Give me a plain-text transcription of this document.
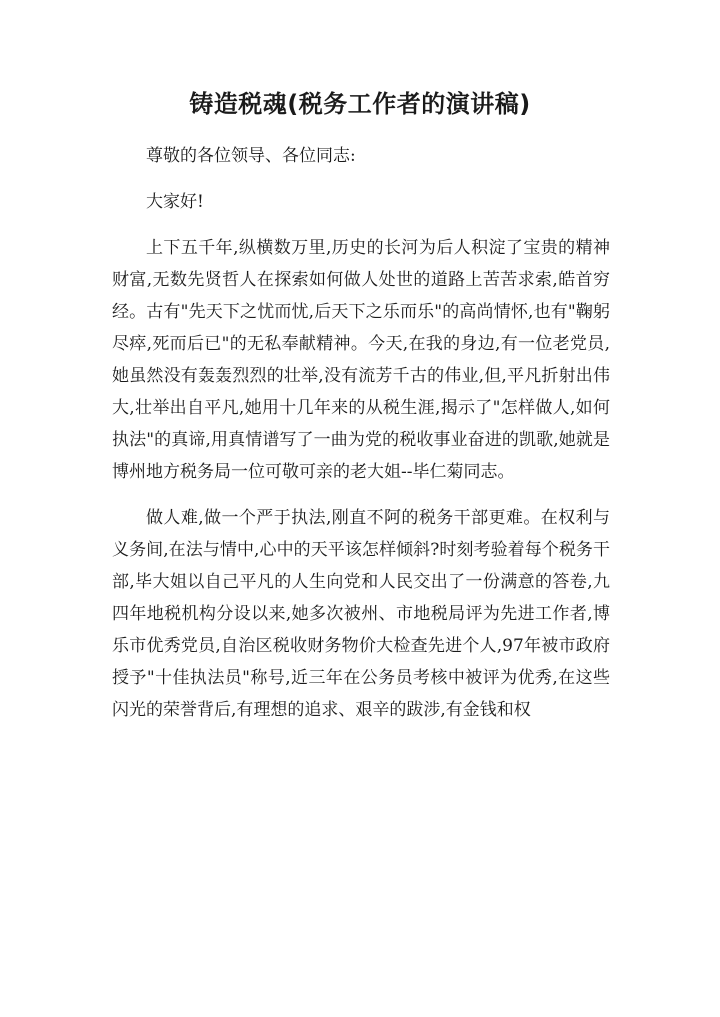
铸造税魂(税务工作者的演讲稿)

尊敬的各位领导、各位同志:

大家好!

上下五千年,纵横数万里,历史的长河为后人积淀了宝贵的精神财富,无数先贤哲人在探索如何做人处世的道路上苦苦求索,皓首穷经。古有"先天下之忧而忧,后天下之乐而乐"的高尚情怀,也有"鞠躬尽瘁,死而后已"的无私奉献精神。今天,在我的身边,有一位老党员,她虽然没有轰轰烈烈的壮举,没有流芳千古的伟业,但,平凡折射出伟大,壮举出自平凡,她用十几年来的从税生涯,揭示了"怎样做人,如何执法"的真谛,用真情谱写了一曲为党的税收事业奋进的凯歌,她就是博州地方税务局一位可敬可亲的老大姐--毕仁菊同志。

做人难,做一个严于执法,刚直不阿的税务干部更难。在权利与义务间,在法与情中,心中的天平该怎样倾斜?时刻考验着每个税务干部,毕大姐以自己平凡的人生向党和人民交出了一份满意的答卷,九四年地税机构分设以来,她多次被州、市地税局评为先进工作者,博乐市优秀党员,自治区税收财务物价大检查先进个人,97年被市政府授予"十佳执法员"称号,近三年在公务员考核中被评为优秀,在这些闪光的荣誉背后,有理想的追求、艰辛的跋涉,有金钱和权
